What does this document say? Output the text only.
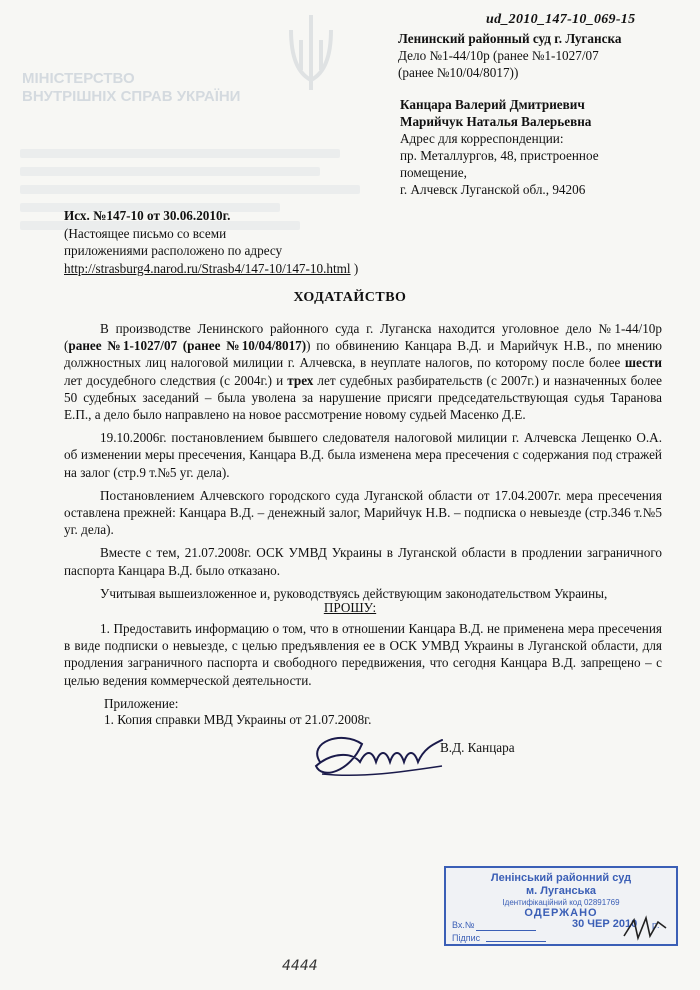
МІНІСТЕРСТВО
ВНУТРІШНІХ СПРАВ УКРАЇНИ
ud_2010_147-10_069-15
Ленинский районный суд г. Луганска
Дело №1-44/10р (ранее №1-1027/07
(ранее №10/04/8017))
Канцара Валерий Дмитриевич
Марийчук Наталья Валерьевна
Адрес для корреспонденции:
пр. Металлургов, 48, пристроенное
помещение,
г. Алчевск Луганской обл., 94206
Исх. №147-10 от 30.06.2010г.
(Настоящее письмо со всеми
приложениями расположено по адресу
http://strasburg4.narod.ru/Strasb4/147-10/147-10.html )
ХОДАТАЙСТВО

В производстве Ленинского районного суда г. Луганска находится уголовное дело №1-44/10р (ранее №1-1027/07 (ранее №10/04/8017)) по обвинению Канцара В.Д. и Марийчук Н.В., по мнению должностных лиц налоговой милиции г. Алчевска, в неуплате налогов, по которому после более шести лет досудебного следствия (с 2004г.) и трех лет судебных разбирательств (с 2007г.) и назначенных более 50 судебных заседаний – была уволена за нарушение присяги председательствующая судья Таранова Е.П., а дело было направлено на новое рассмотрение новому судьей Масенко Д.Е.

19.10.2006г. постановлением бывшего следователя налоговой милиции г. Алчевска Лещенко О.А. об изменении меры пресечения, Канцара В.Д. была изменена мера пресечения с содержания под стражей на залог (стр.9 т.№5 уг. дела).

Постановлением Алчевского городского суда Луганской области от 17.04.2007г. мера пресечения оставлена прежней: Канцара В.Д. – денежный залог, Марийчук Н.В. – подписка о невыезде (стр.346 т.№5 уг. дела).

Вместе с тем, 21.07.2008г. ОСК УМВД Украины в Луганской области в продлении заграничного паспорта Канцара В.Д. было отказано.

Учитывая вышеизложенное и, руководствуясь действующим законодательством Украины,

ПРОШУ:

1. Предоставить информацию о том, что в отношении Канцара В.Д. не применена мера пресечения в виде подписки о невыезде, с целью предъявления ее в ОСК УМВД Украины в Луганской области, для продления заграничного паспорта и свободного передвижения, что сегодня Канцара В.Д. запрещено – с целью ведения коммерческой деятельности.

Приложение:
1. Копия справки МВД Украины от 21.07.2008г.
В.Д. Канцара
Ленінський районний суд
м. Луганська
Ідентифікаційний код 02891769
ОДЕРЖАНО
Вх.№	30 ЧЕР 2010 р.
Підпис
4444
